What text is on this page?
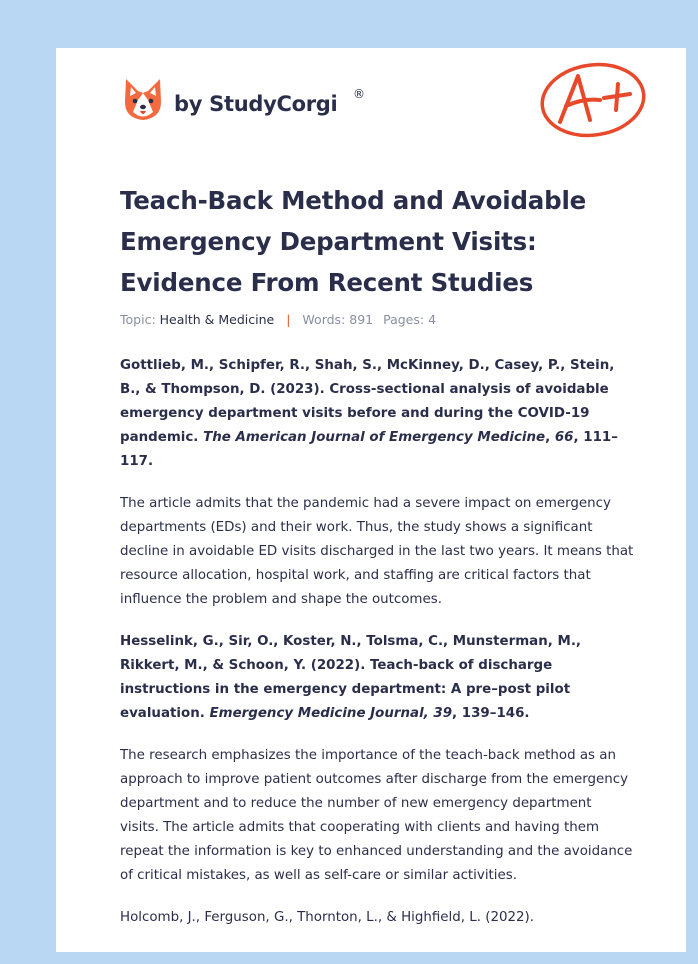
by StudyCorgi ®
Teach-Back Method and Avoidable
Emergency Department Visits:
Evidence From Recent Studies
Topic: Health & Medicine | Words: 891 Pages: 4

Gottlieb, M., Schipfer, R., Shah, S., McKinney, D., Casey, P., Stein, B., & Thompson, D. (2023). Cross-sectional analysis of avoidable emergency department visits before and during the COVID-19 pandemic. The American Journal of Emergency Medicine, 66, 111–117.

The article admits that the pandemic had a severe impact on emergency departments (EDs) and their work. Thus, the study shows a significant decline in avoidable ED visits discharged in the last two years. It means that resource allocation, hospital work, and staffing are critical factors that influence the problem and shape the outcomes.

Hesselink, G., Sir, O., Koster, N., Tolsma, C., Munsterman, M., Rikkert, M., & Schoon, Y. (2022). Teach-back of discharge instructions in the emergency department: A pre–post pilot evaluation. Emergency Medicine Journal, 39, 139–146.

The research emphasizes the importance of the teach-back method as an approach to improve patient outcomes after discharge from the emergency department and to reduce the number of new emergency department visits. The article admits that cooperating with clients and having them repeat the information is key to enhanced understanding and the avoidance of critical mistakes, as well as self-care or similar activities.

Holcomb, J., Ferguson, G., Thornton, L., & Highfield, L. (2022).
